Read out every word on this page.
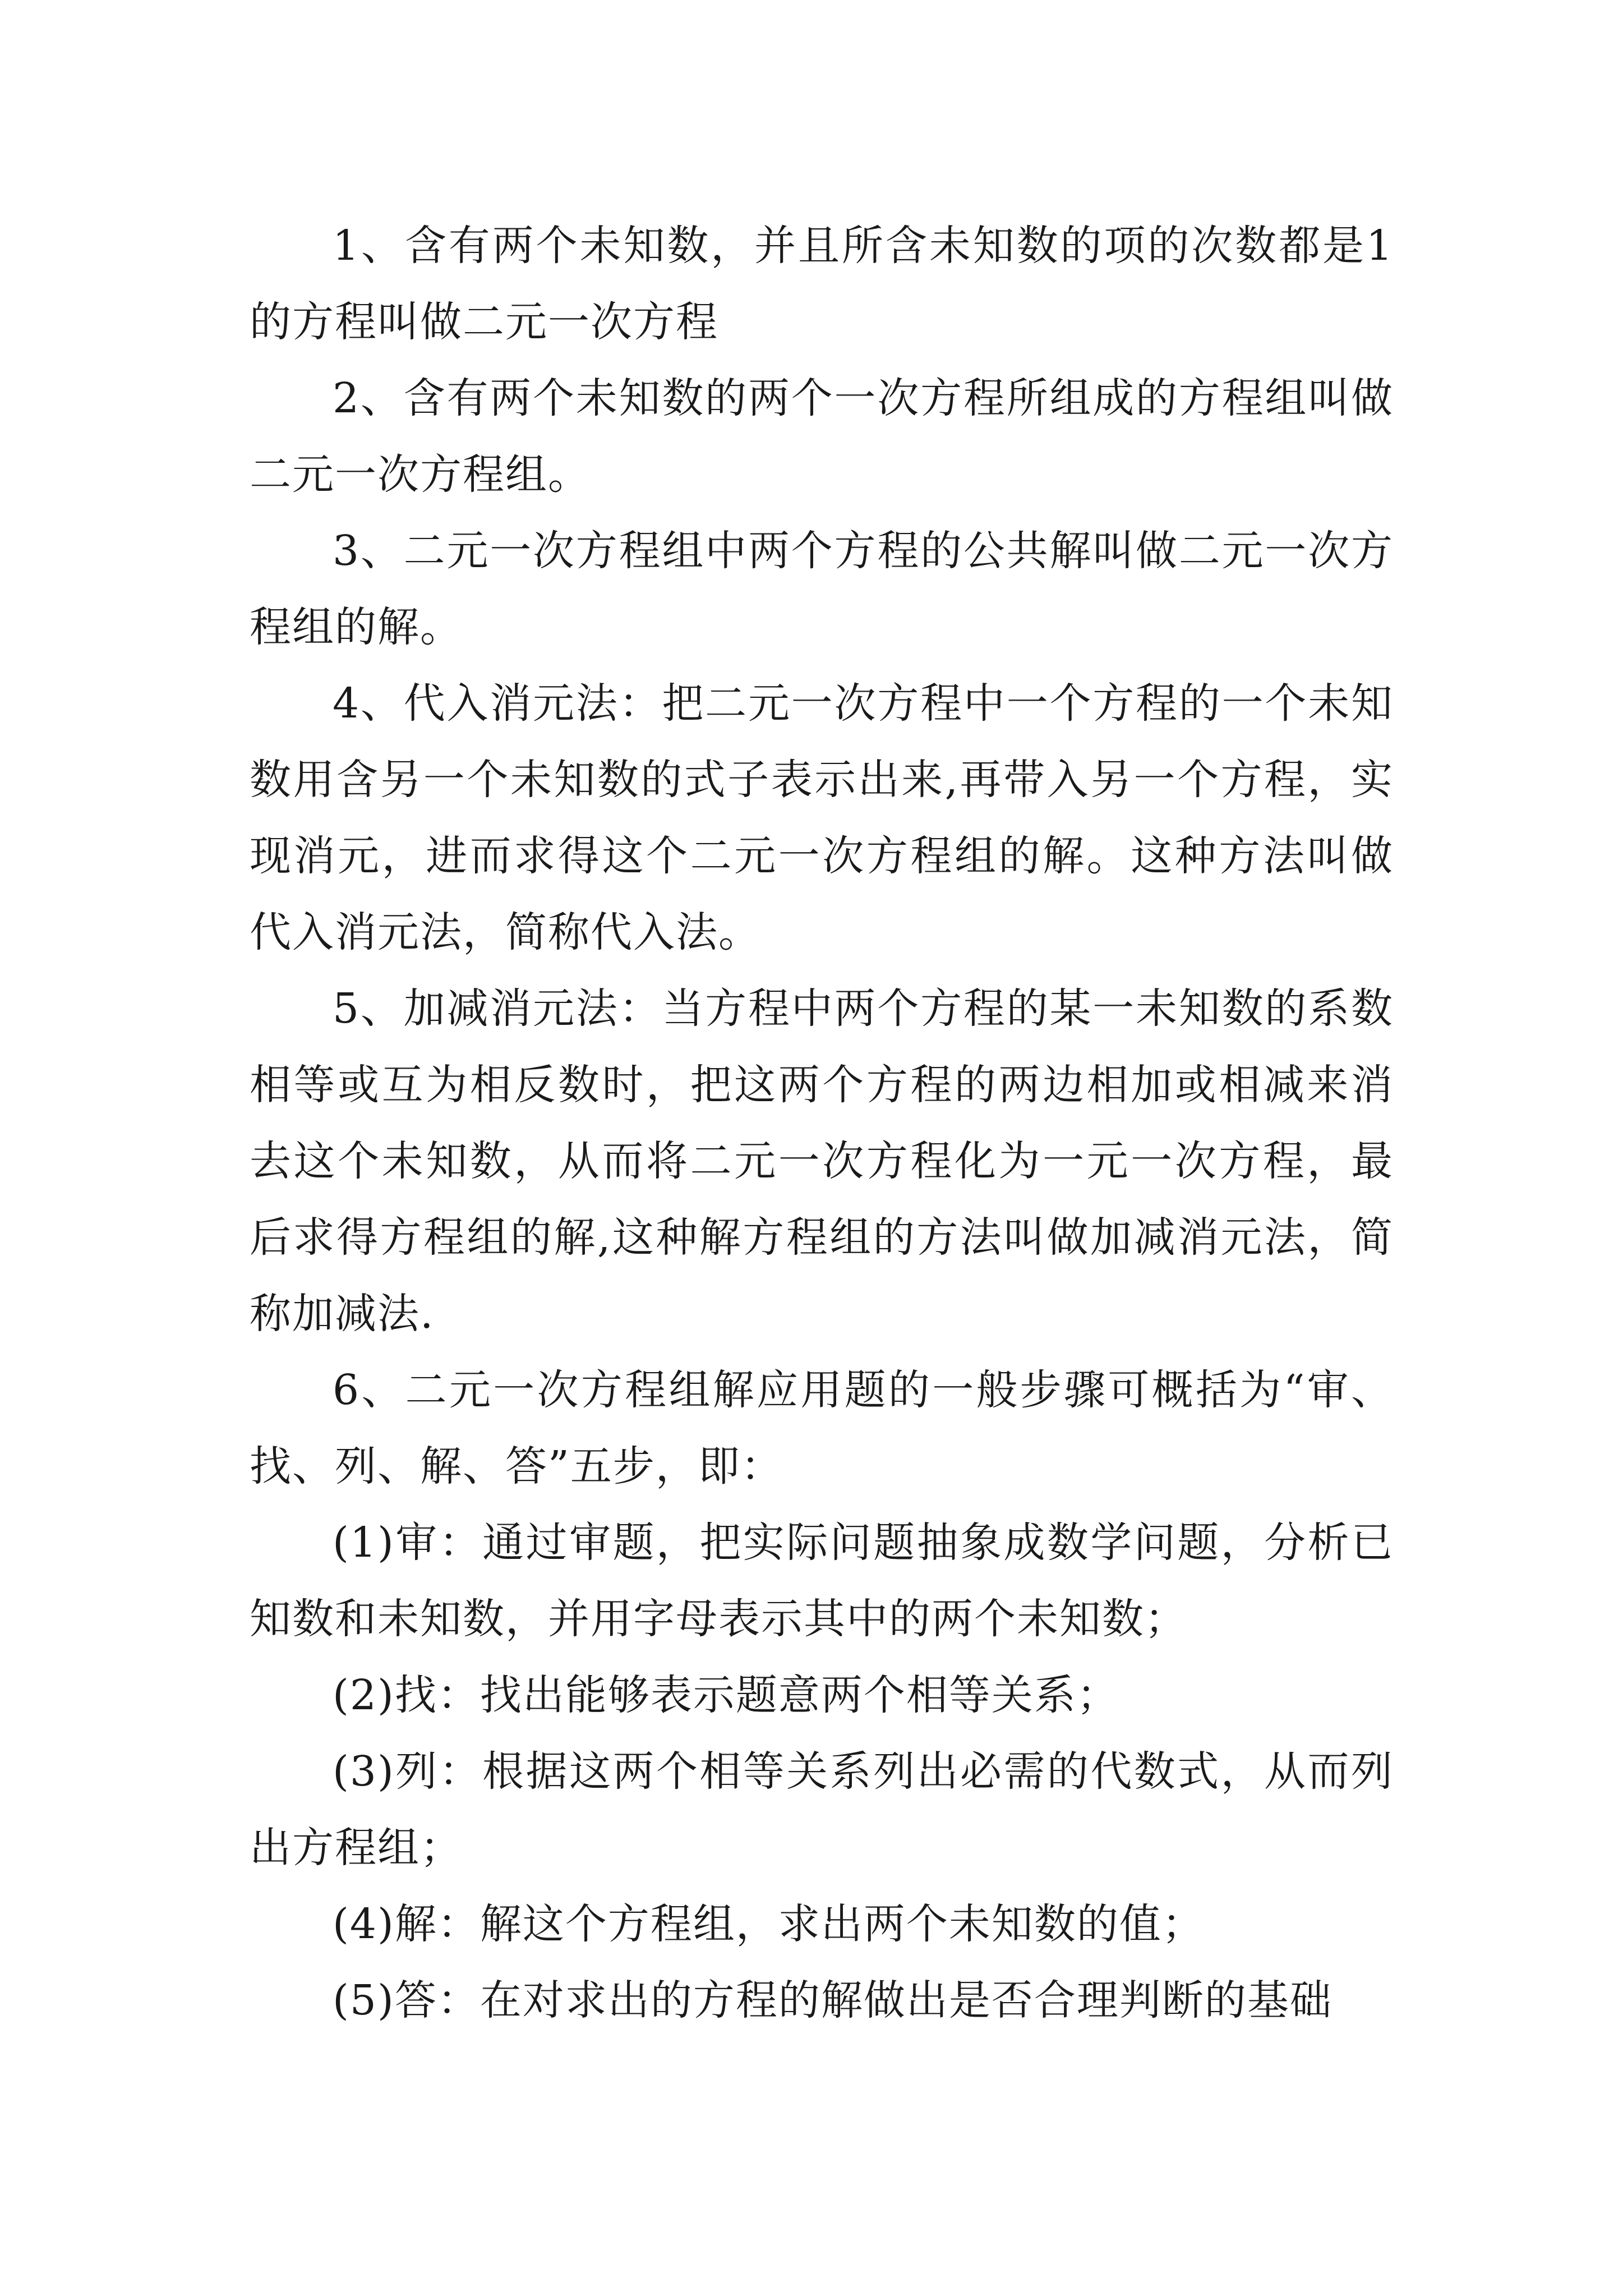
1、含有两个未知数，并且所含未知数的项的次数都是1的方程叫做二元一次方程

2、含有两个未知数的两个一次方程所组成的方程组叫做二元一次方程组。

3、二元一次方程组中两个方程的公共解叫做二元一次方程组的解。

4、代入消元法：把二元一次方程中一个方程的一个未知数用含另一个未知数的式子表示出来,再带入另一个方程，实现消元，进而求得这个二元一次方程组的解。这种方法叫做代入消元法，简称代入法。

5、加减消元法：当方程中两个方程的某一未知数的系数相等或互为相反数时，把这两个方程的两边相加或相减来消去这个未知数，从而将二元一次方程化为一元一次方程，最后求得方程组的解,这种解方程组的方法叫做加减消元法，简称加减法.

6、二元一次方程组解应用题的一般步骤可概括为“审、找、列、解、答”五步，即：

(1)审：通过审题，把实际问题抽象成数学问题，分析已知数和未知数，并用字母表示其中的两个未知数；

(2)找：找出能够表示题意两个相等关系；

(3)列：根据这两个相等关系列出必需的代数式，从而列出方程组；

(4)解：解这个方程组，求出两个未知数的值；

(5)答：在对求出的方程的解做出是否合理判断的基础
